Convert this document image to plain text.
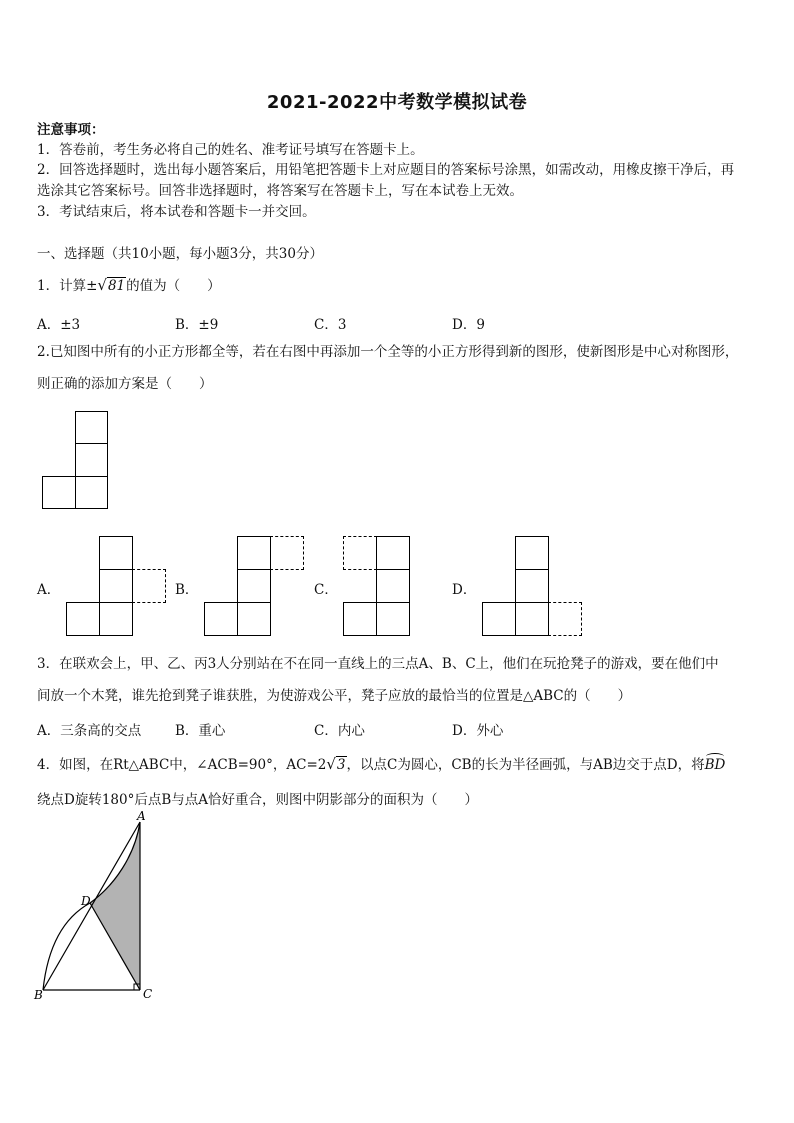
2021-2022中考数学模拟试卷
注意事项：
1．答卷前，考生务必将自己的姓名、准考证号填写在答题卡上。
2．回答选择题时，选出每小题答案后，用铅笔把答题卡上对应题目的答案标号涂黑，如需改动，用橡皮擦干净后，再
选涂其它答案标号。回答非选择题时，将答案写在答题卡上，写在本试卷上无效。
3．考试结束后，将本试卷和答题卡一并交回。
一、选择题（共10小题，每小题3分，共30分）
1．计算±√81的值为（　　）
A．±3	B．±9	C．3	D．9
2.已知图中所有的小正方形都全等，若在右图中再添加一个全等的小正方形得到新的图形，使新图形是中心对称图形，
则正确的添加方案是（　　）
A．	B．	C．	D．
3．在联欢会上，甲、乙、丙3人分别站在不在同一直线上的三点A、B、C上，他们在玩抢凳子的游戏，要在他们中
间放一个木凳，谁先抢到凳子谁获胜，为使游戏公平，凳子应放的最恰当的位置是△ABC的（　　）
A．三条高的交点	B．重心	C．内心	D．外心
4．如图，在Rt△ABC中，∠ACB=90°，AC=2√3，以点C为圆心，CB的长为半径画弧，与AB边交于点D，将BD
绕点D旋转180°后点B与点A恰好重合，则图中阴影部分的面积为（　　）
A
B	C
D
